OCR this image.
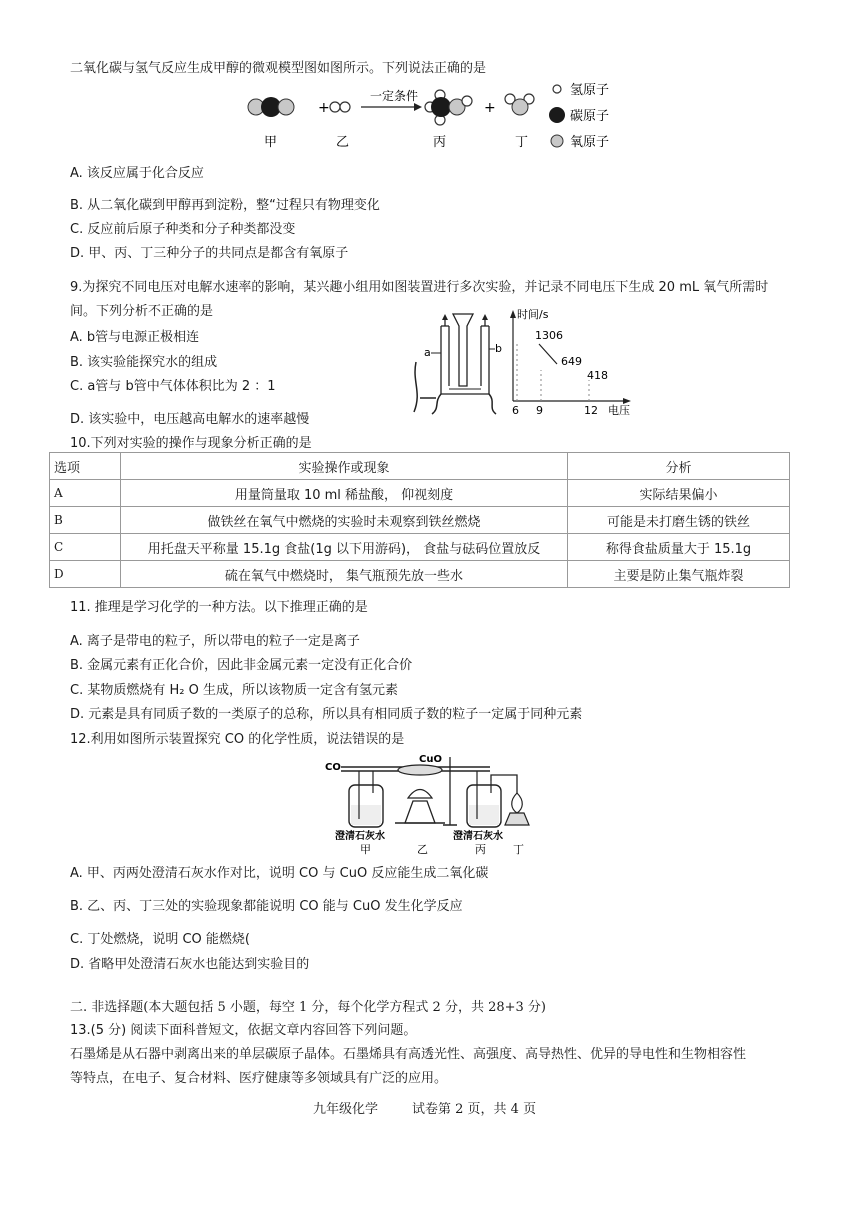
二氧化碳与氢气反应生成甲醇的微观模型图如图所示。下列说法正确的是
+
一定条件
+
甲	乙	丙	丁
氢原子
碳原子
氧原子
A. 该反应属于化合反应
B. 从二氧化碳到甲醇再到淀粉，整“过程只有物理变化
C. 反应前后原子种类和分子种类都没变
D. 甲、丙、丁三种分子的共同点是都含有氧原子
9.为探究不同电压对电解水速率的影响，某兴趣小组用如图装置进行多次实验，并记录不同电压下生成 20 mL 氧气所需时
间。下列分析不正确的是
A. b管与电源正极相连
B. 该实验能探究水的组成
C. a管与 b管中气体体积比为 2 ：1
D. 该实验中，电压越高电解水的速率越慢
a	b
时间/s
电压
6 9	12
1306
649
418
10.下列对实验的操作与现象分析正确的是
选项	实验操作或现象	分析
A	用量筒量取 10 ml 稀盐酸， 仰视刻度	实际结果偏小
B	做铁丝在氧气中燃烧的实验时未观察到铁丝燃烧	可能是未打磨生锈的铁丝
C	用托盘天平称量 15.1g 食盐(1g 以下用游码)， 食盐与砝码位置放反	称得食盐质量大于 15.1g
D	硫在氧气中燃烧时， 集气瓶预先放一些水	主要是防止集气瓶炸裂
11. 推理是学习化学的一种方法。以下推理正确的是
A. 离子是带电的粒子，所以带电的粒子一定是离子
B. 金属元素有正化合价，因此非金属元素一定没有正化合价
C. 某物质燃烧有 H₂ O 生成，所以该物质一定含有氢元素
D. 元素是具有同质子数的一类原子的总称，所以具有相同质子数的粒子一定属于同种元素
12.利用如图所示装置探究 CO 的化学性质，说法错误的是
CO
CuO
澄清石灰水	澄清石灰水
甲	乙	丙 丁
A. 甲、丙两处澄清石灰水作对比，说明 CO 与 CuO 反应能生成二氧化碳
B. 乙、丙、丁三处的实验现象都能说明 CO 能与 CuO 发生化学反应
C. 丁处燃烧，说明 CO 能燃烧(
D. 省略甲处澄清石灰水也能达到实验目的
二. 非选择题(本大题包括 5 小题，每空 1 分，每个化学方程式 2 分，共 28+3 分)
13.(5 分) 阅读下面科普短文，依据文章内容回答下列问题。
石墨烯是从石器中剥离出来的单层碳原子晶体。石墨烯具有高透光性、高强度、高导热性、优异的导电性和生物相容性
等特点，在电子、复合材料、医疗健康等多领域具有广泛的应用。
九年级化学	试卷第 2 页，共 4 页
